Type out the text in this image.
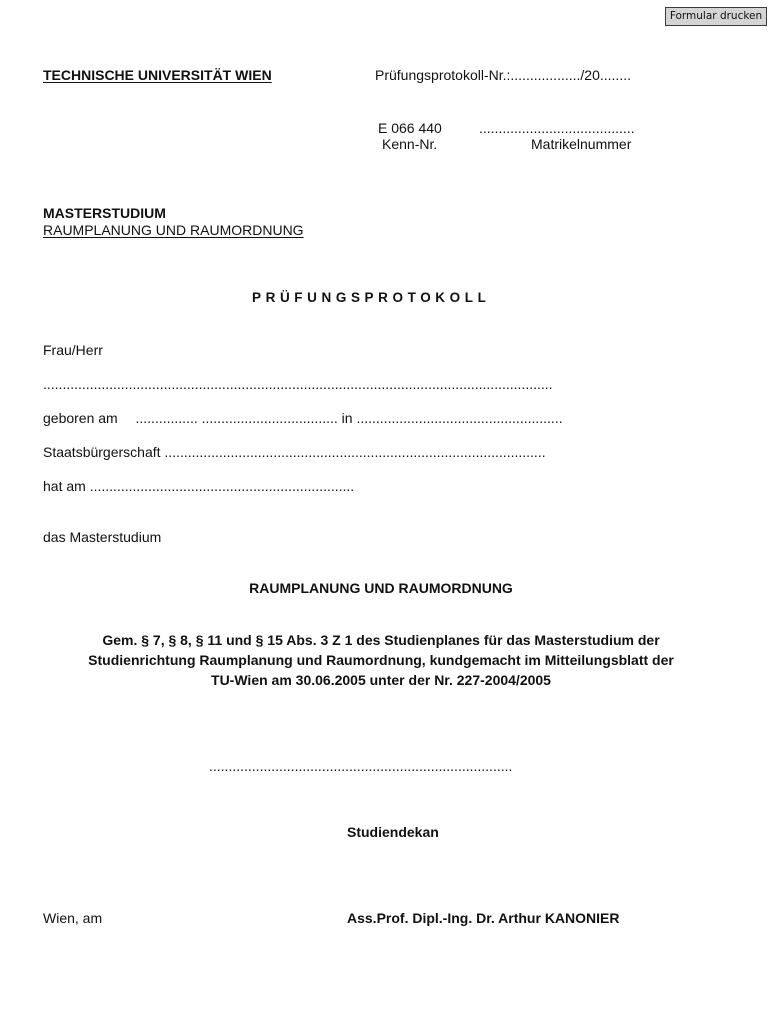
Formular drucken
TECHNISCHE UNIVERSITÄT WIEN	Prüfungsprotokoll-Nr.:................../20........
E 066 440
Kenn-Nr.
........................................
Matrikelnummer
MASTERSTUDIUM
RAUMPLANUNG UND RAUMORDNUNG
PRÜFUNGSPROTOKOLL
Frau/Herr
...................................................................................................................................
geboren am ................ ................................... in .....................................................
Staatsbürgerschaft ..................................................................................................
hat am ....................................................................
das Masterstudium
RAUMPLANUNG UND RAUMORDNUNG
Gem. § 7, § 8, § 11 und § 15 Abs. 3 Z 1 des Studienplanes für das Masterstudium der
Studienrichtung Raumplanung und Raumordnung, kundgemacht im Mitteilungsblatt der
TU-Wien am 30.06.2005 unter der Nr. 227-2004/2005
..............................................................................
Studiendekan
Wien, am	Ass.Prof. Dipl.-Ing. Dr. Arthur KANONIER
